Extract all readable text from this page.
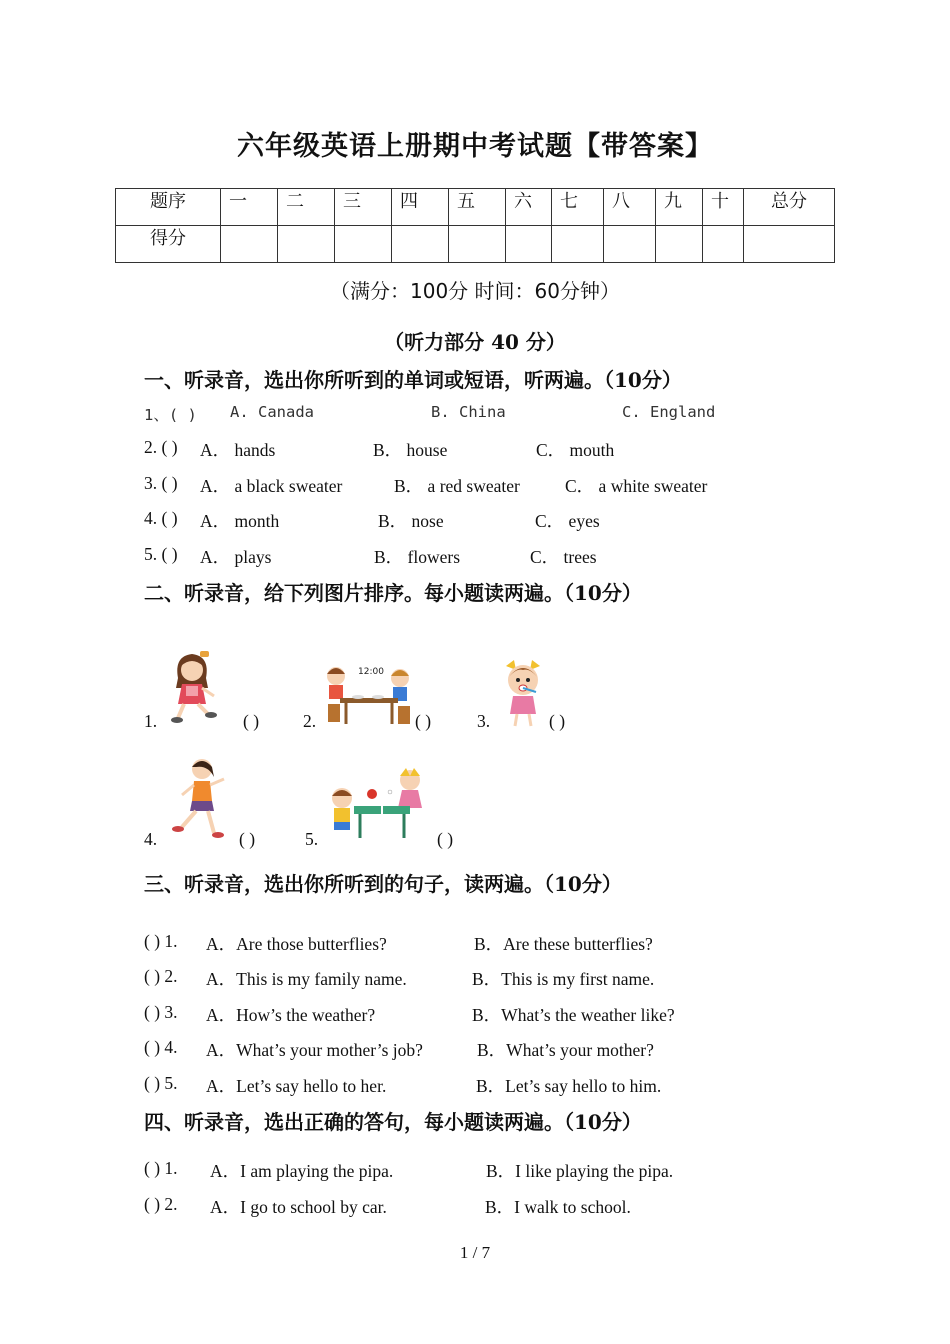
六年级英语上册期中考试题【带答案】
题序	一	二	三	四	五	六	七	八	九	十	总分
得分											
（满分：100分 时间：60分钟）
（听力部分 40 分）
一、听录音，选出你所听到的单词或短语，听两遍。（10分）
1、( ) A. Canada	B. China	C. England
2. ( ) A． hands	B． house	C． mouth
3. ( ) A． a black sweater	B． a red sweater	C． a white sweater
4. ( ) A． month	B． nose	C． eyes
5. ( ) A． plays	B． flowers	C． trees
二、听录音，给下列图片排序。每小题读两遍。（10分）
1.	( )	2.
12:00
( )	3.	( )
4.	( )	5.	( )
三、听录音，选出你所听到的句子，读两遍。（10分）
( ) 1. A．Are those butterflies?	B．Are these butterflies?
( ) 2. A．This is my family name.	B．This is my first name.
( ) 3. A．How’s the weather?	B．What’s the weather like?
( ) 4. A．What’s your mother’s job?	B．What’s your mother?
( ) 5. A．Let’s say hello to her.	B．Let’s say hello to him.
四、听录音，选出正确的答句，每小题读两遍。（10分）
( ) 1. A．I am playing the pipa.	B．I like playing the pipa.
( ) 2. A．I go to school by car.	B．I walk to school.
1 / 7
